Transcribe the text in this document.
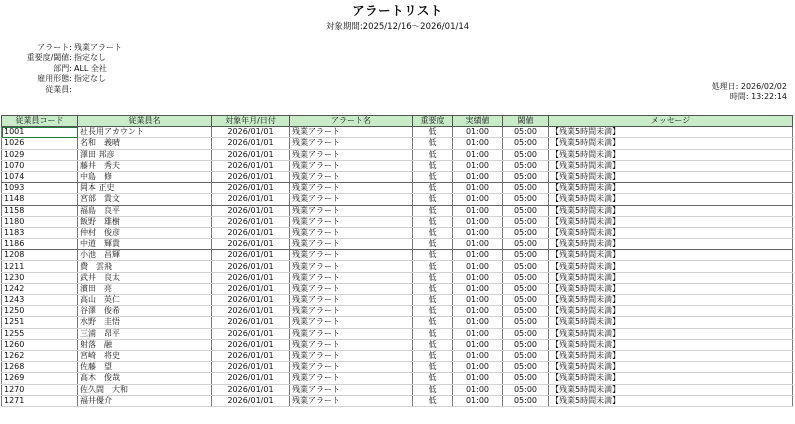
アラートリスト
対象期間:2025/12/16〜2026/01/14
アラート: 残業アラート
重要度/閾値: 指定なし
部門: ALL 全社
雇用形態: 指定なし
従業員:	処理日: 2026/02/02
時間: 13:22:14
従業員コード	従業員名	対象年月/日付	アラート名	重要度	実績値	閾値	メッセージ
1001	社長用アカウント	2026/01/01	残業アラート	低	01:00	05:00	【残業5時間未満】
1026	名和　義晴	2026/01/01	残業アラート	低	01:00	05:00	【残業5時間未満】
1029	澤田 邦彦	2026/01/01	残業アラート	低	01:00	05:00	【残業5時間未満】
1070	藤井　秀夫	2026/01/01	残業アラート	低	01:00	05:00	【残業5時間未満】
1074	中島　修	2026/01/01	残業アラート	低	01:00	05:00	【残業5時間未満】
1093	岡本 正史	2026/01/01	残業アラート	低	01:00	05:00	【残業5時間未満】
1148	宮部　貴文	2026/01/01	残業アラート	低	01:00	05:00	【残業5時間未満】
1158	福島　良平	2026/01/01	残業アラート	低	01:00	05:00	【残業5時間未満】
1180	飯野　雄樹	2026/01/01	残業アラート	低	01:00	05:00	【残業5時間未満】
1183	仲村　俊彦	2026/01/01	残業アラート	低	01:00	05:00	【残業5時間未満】
1186	中道　輝貴	2026/01/01	残業アラート	低	01:00	05:00	【残業5時間未満】
1208	小池　昌輝	2026/01/01	残業アラート	低	01:00	05:00	【残業5時間未満】
1211	費　雲飛	2026/01/01	残業アラート	低	01:00	05:00	【残業5時間未満】
1230	武井　良太	2026/01/01	残業アラート	低	01:00	05:00	【残業5時間未満】
1242	濱田　亮	2026/01/01	残業アラート	低	01:00	05:00	【残業5時間未満】
1243	高山　英仁	2026/01/01	残業アラート	低	01:00	05:00	【残業5時間未満】
1250	谷澤　俊希	2026/01/01	残業アラート	低	01:00	05:00	【残業5時間未満】
1251	水野　圭悟	2026/01/01	残業アラート	低	01:00	05:00	【残業5時間未満】
1255	三浦　昂平	2026/01/01	残業アラート	低	01:00	05:00	【残業5時間未満】
1260	射落　融	2026/01/01	残業アラート	低	01:00	05:00	【残業5時間未満】
1262	宮崎　将史	2026/01/01	残業アラート	低	01:00	05:00	【残業5時間未満】
1268	佐藤　望	2026/01/01	残業アラート	低	01:00	05:00	【残業5時間未満】
1269	高木　俊哉	2026/01/01	残業アラート	低	01:00	05:00	【残業5時間未満】
1270	佐久間　大和	2026/01/01	残業アラート	低	01:00	05:00	【残業5時間未満】
1271	福井優介	2026/01/01	残業アラート	低	01:00	05:00	【残業5時間未満】
